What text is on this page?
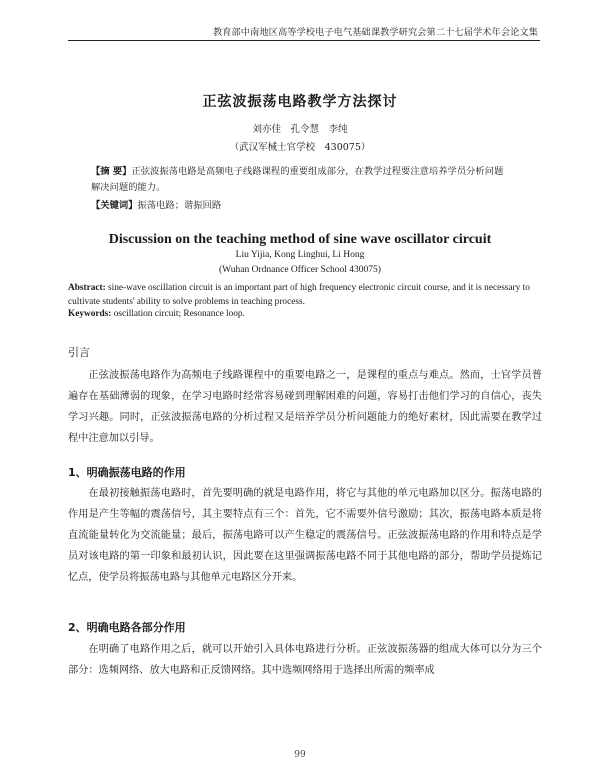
教育部中南地区高等学校电子电气基础课教学研究会第二十七届学术年会论文集
正弦波振荡电路教学方法探讨
刘亦佳　孔令慧　李纯
（武汉军械士官学校　430075）
【摘 要】正弦波振荡电路是高频电子线路课程的重要组成部分，在教学过程要注意培养学员分析问题解决问题的能力。
【关键词】振荡电路；谐振回路
Discussion on the teaching method of sine wave oscillator circuit
Liu Yijia, Kong Linghui, Li Hong
(Wuhan Ordnance Officer School 430075)
Abstract: sine-wave oscillation circuit is an important part of high frequency electronic circuit course, and it is necessary to cultivate students' ability to solve problems in teaching process.
Keywords: oscillation circuit; Resonance loop.
引言
正弦波振荡电路作为高频电子线路课程中的重要电路之一，是课程的重点与难点。然而，士官学员普遍存在基础薄弱的现象，在学习电路时经常容易碰到理解困难的问题，容易打击他们学习的自信心，丧失学习兴趣。同时，正弦波振荡电路的分析过程又是培养学员分析问题能力的绝好素材，因此需要在教学过程中注意加以引导。
1、明确振荡电路的作用
在最初接触振荡电路时，首先要明确的就是电路作用，将它与其他的单元电路加以区分。振荡电路的作用是产生等幅的震荡信号，其主要特点有三个：首先，它不需要外信号激励；其次，振荡电路本质是将直流能量转化为交流能量；最后，振荡电路可以产生稳定的震荡信号。正弦波振荡电路的作用和特点是学员对该电路的第一印象和最初认识，因此要在这里强调振荡电路不同于其他电路的部分，帮助学员提炼记忆点，使学员将振荡电路与其他单元电路区分开来。
2、明确电路各部分作用
在明确了电路作用之后，就可以开始引入具体电路进行分析。正弦波振荡器的组成大体可以分为三个部分：选频网络、放大电路和正反馈网络。其中选频网络用于选择出所需的频率成
99
